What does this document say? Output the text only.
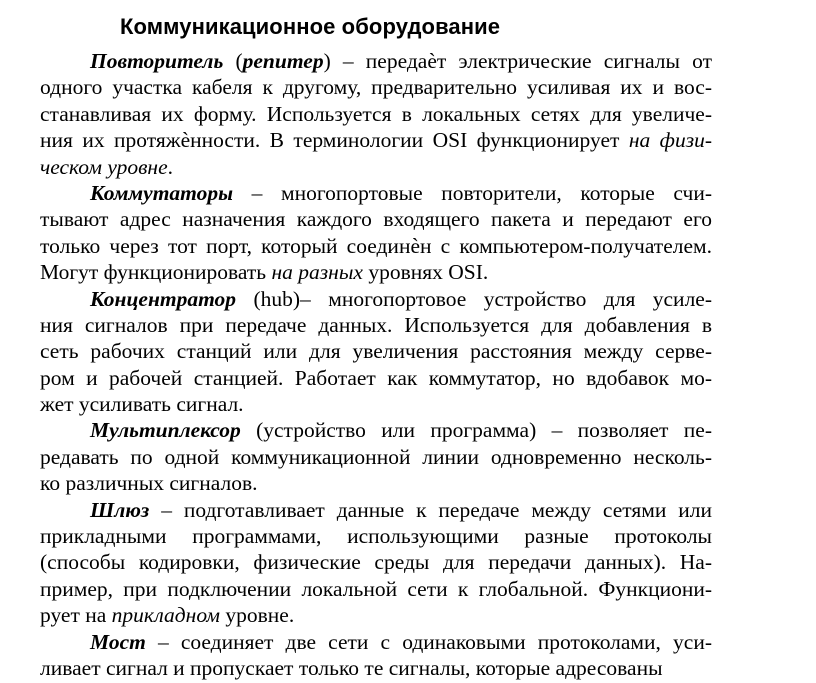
Коммуникационное оборудование
Повторитель (репитер) – передаѐт электрические сигналы от
одного участка кабеля к другому, предварительно усиливая их и вос-
станавливая их форму. Используется в локальных сетях для увеличе-
ния их протяжѐнности. В терминологии OSI функционирует на физи-
ческом уровне.
Коммутаторы – многопортовые повторители, которые счи-
тывают адрес назначения каждого входящего пакета и передают его
только через тот порт, который соединѐн с компьютером-получателем.
Могут функционировать на разных уровнях OSI.
Концентратор (hub)– многопортовое устройство для усиле-
ния сигналов при передаче данных. Используется для добавления в
сеть рабочих станций или для увеличения расстояния между серве-
ром и рабочей станцией. Работает как коммутатор, но вдобавок мо-
жет усиливать сигнал.
Мультиплексор (устройство или программа) – позволяет пе-
редавать по одной коммуникационной линии одновременно несколь-
ко различных сигналов.
Шлюз – подготавливает данные к передаче между сетями или
прикладными программами, использующими разные протоколы
(способы кодировки, физические среды для передачи данных). На-
пример, при подключении локальной сети к глобальной. Функциони-
рует на прикладном уровне.
Мост – соединяет две сети с одинаковыми протоколами, уси-
ливает сигнал и пропускает только те сигналы, которые адресованы
